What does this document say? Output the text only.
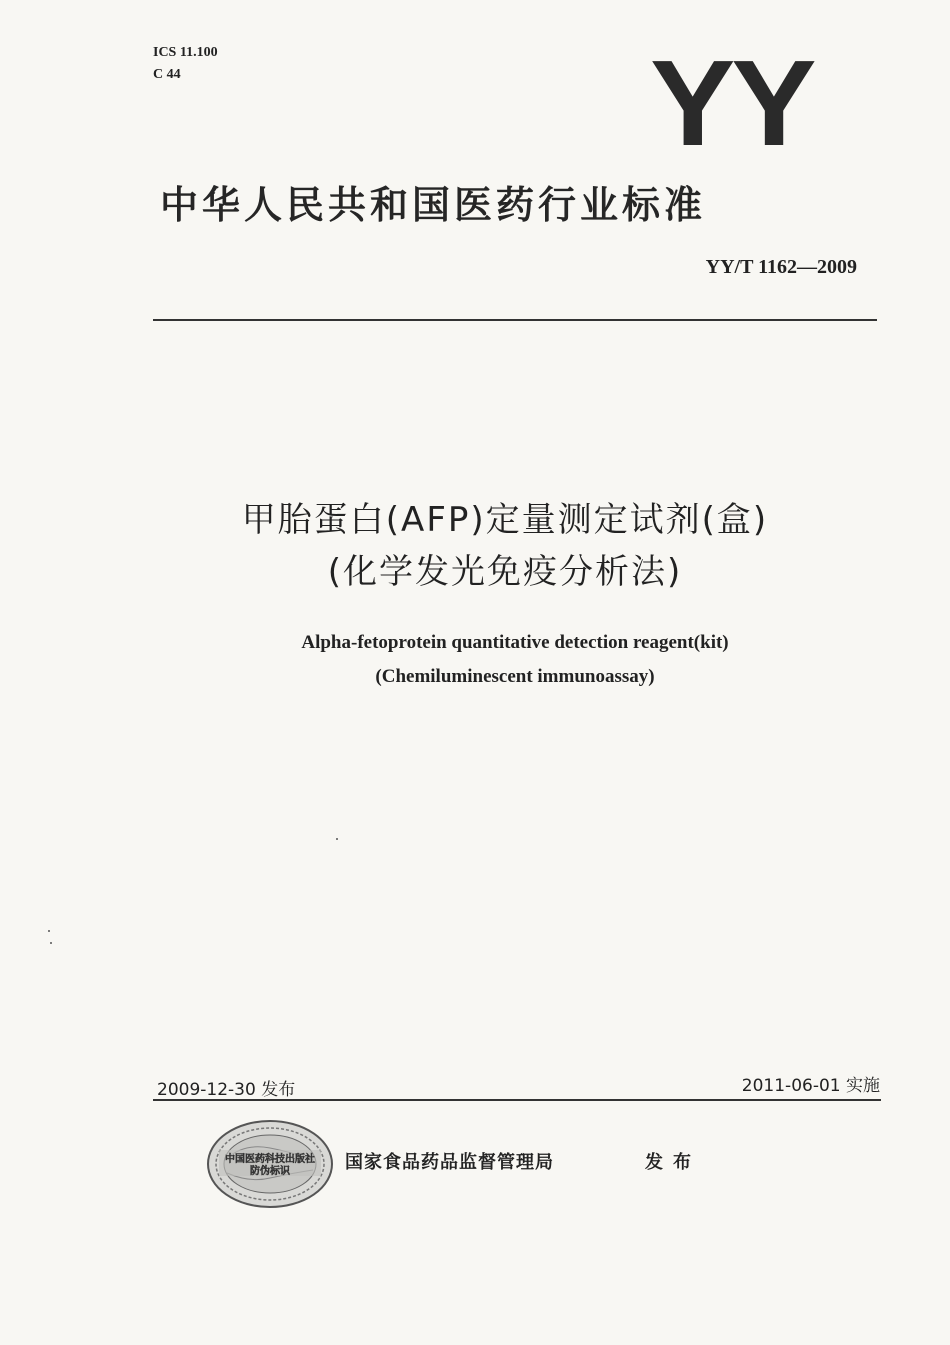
ICS 11.100
C 44	YY
中华人民共和国医药行业标准
YY/T 1162—2009
甲胎蛋白(AFP)定量测定试剂(盒)
(化学发光免疫分析法)
Alpha-fetoprotein quantitative detection reagent(kit)
(Chemiluminescent immunoassay)
2009-12-30 发布	2011-06-01 实施
中国医药科技出版社
防伪标识	国家食品药品监督管理局	发布
